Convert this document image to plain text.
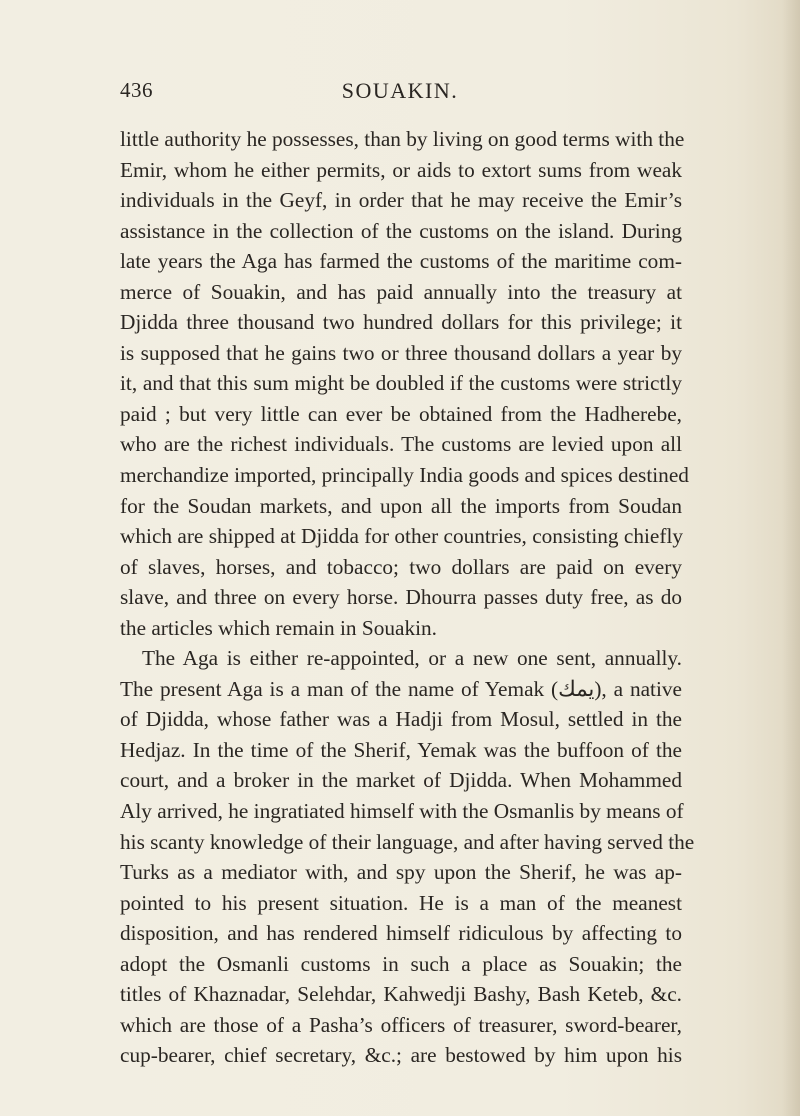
436	SOUAKIN.
little authority he possesses, than by living on good terms with the
Emir, whom he either permits, or aids to extort sums from weak
individuals in the Geyf, in order that he may receive the Emir’s
assistance in the collection of the customs on the island. During
late years the Aga has farmed the customs of the maritime com-
merce of Souakin, and has paid annually into the treasury at
Djidda three thousand two hundred dollars for this privilege; it
is supposed that he gains two or three thousand dollars a year by
it, and that this sum might be doubled if the customs were strictly
paid ; but very little can ever be obtained from the Hadherebe,
who are the richest individuals. The customs are levied upon all
merchandize imported, principally India goods and spices destined
for the Soudan markets, and upon all the imports from Soudan
which are shipped at Djidda for other countries, consisting chiefly
of slaves, horses, and tobacco; two dollars are paid on every
slave, and three on every horse. Dhourra passes duty free, as do
the articles which remain in Souakin.
The Aga is either re-appointed, or a new one sent, annually.
The present Aga is a man of the name of Yemak (يمك), a native
of Djidda, whose father was a Hadji from Mosul, settled in the
Hedjaz. In the time of the Sherif, Yemak was the buffoon of the
court, and a broker in the market of Djidda. When Mohammed
Aly arrived, he ingratiated himself with the Osmanlis by means of
his scanty knowledge of their language, and after having served the
Turks as a mediator with, and spy upon the Sherif, he was ap-
pointed to his present situation. He is a man of the meanest
disposition, and has rendered himself ridiculous by affecting to
adopt the Osmanli customs in such a place as Souakin; the
titles of Khaznadar, Selehdar, Kahwedji Bashy, Bash Keteb, &c.
which are those of a Pasha’s officers of treasurer, sword-bearer,
cup-bearer, chief secretary, &c.; are bestowed by him upon his
